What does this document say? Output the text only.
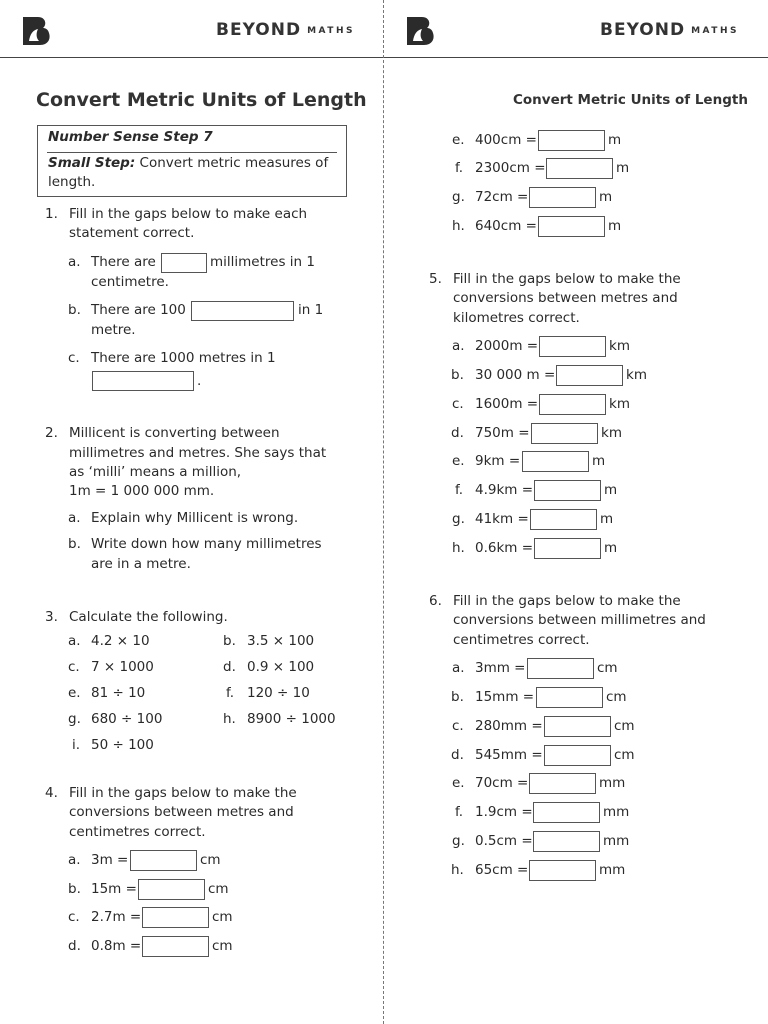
BEYOND MATHS	BEYOND MATHS
Convert Metric Units of Length
Number Sense Step 7
Small Step: Convert metric measures of
length.
1. Fill in the gaps below to make each
statement correct.
a. There are	millimetres in 1
centimetre.
b. There are 100	in 1
metre.
c. There are 1000 metres in 1
.
2. Millicent is converting between
millimetres and metres. She says that
as ‘milli’ means a million,
1m = 1 000 000 mm.
a. Explain why Millicent is wrong.
b. Write down how many millimetres
are in a metre.
3. Calculate the following.
a. 4.2 × 10	b. 3.5 × 100
c. 7 × 1000	d. 0.9 × 100
e. 81 ÷ 10	f. 120 ÷ 10
g. 680 ÷ 100	h. 8900 ÷ 1000
i. 50 ÷ 100
4. Fill in the gaps below to make the
conversions between metres and
centimetres correct.
a. 3m =	cm
b. 15m =	cm
c. 2.7m =	cm
d. 0.8m =	cm
Convert Metric Units of Length
e. 400cm =	m
f. 2300cm =	m
g. 72cm =	m
h. 640cm =	m
5. Fill in the gaps below to make the
conversions between metres and
kilometres correct.
a. 2000m =	km
b. 30 000 m =	km
c. 1600m =	km
d. 750m =	km
e. 9km =	m
f. 4.9km =	m
g. 41km =	m
h. 0.6km =	m
6. Fill in the gaps below to make the
conversions between millimetres and
centimetres correct.
a. 3mm =	cm
b. 15mm =	cm
c. 280mm =	cm
d. 545mm =	cm
e. 70cm =	mm
f. 1.9cm =	mm
g. 0.5cm =	mm
h. 65cm =	mm
